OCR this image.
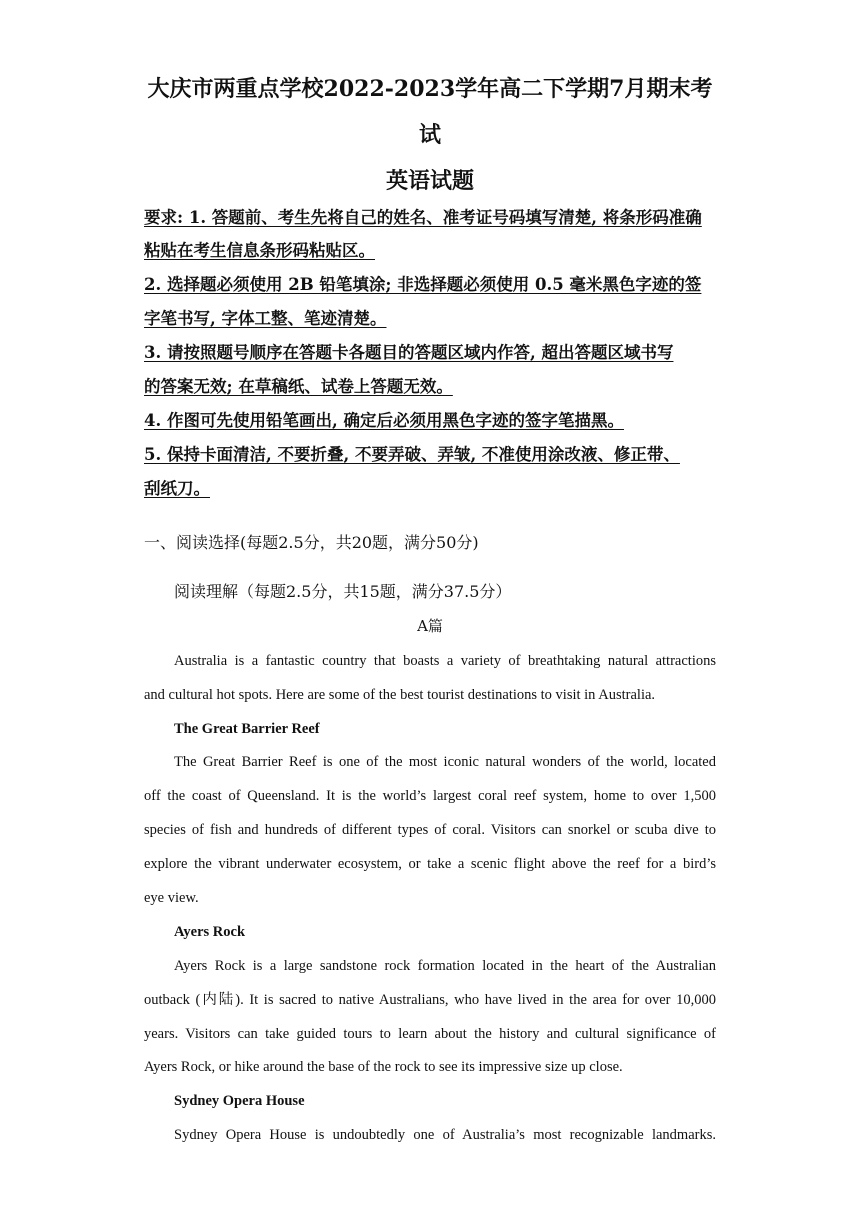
大庆市两重点学校2022-2023学年高二下学期7月期末考
试
英语试题
要求: 1. 答题前、考生先将自己的姓名、准考证号码填写清楚, 将条形码准确
粘贴在考生信息条形码粘贴区。
2. 选择题必须使用 2B 铅笔填涂; 非选择题必须使用 0.5 毫米黑色字迹的签
字笔书写, 字体工整、笔迹清楚。
3. 请按照题号顺序在答题卡各题目的答题区域内作答, 超出答题区域书写
的答案无效; 在草稿纸、试卷上答题无效。
4. 作图可先使用铅笔画出, 确定后必须用黑色字迹的签字笔描黑。
5. 保持卡面清洁, 不要折叠, 不要弄破、弄皱, 不准使用涂改液、修正带、
刮纸刀。
一、阅读选择(每题2.5分，共20题，满分50分)
阅读理解（每题2.5分，共15题，满分37.5分）
A篇
Australia is a fantastic country that boasts a variety of breathtaking natural attractions
and cultural hot spots. Here are some of the best tourist destinations to visit in Australia.
The Great Barrier Reef
The Great Barrier Reef is one of the most iconic natural wonders of the world, located
off the coast of Queensland. It is the world’s largest coral reef system, home to over 1,500
species of fish and hundreds of different types of coral. Visitors can snorkel or scuba dive to
explore the vibrant underwater ecosystem, or take a scenic flight above the reef for a bird’s
eye view.
Ayers Rock
Ayers Rock is a large sandstone rock formation located in the heart of the Australian
outback (内陆). It is sacred to native Australians, who have lived in the area for over 10,000
years. Visitors can take guided tours to learn about the history and cultural significance of
Ayers Rock, or hike around the base of the rock to see its impressive size up close.
Sydney Opera House
Sydney Opera House is undoubtedly one of Australia’s most recognizable landmarks.
